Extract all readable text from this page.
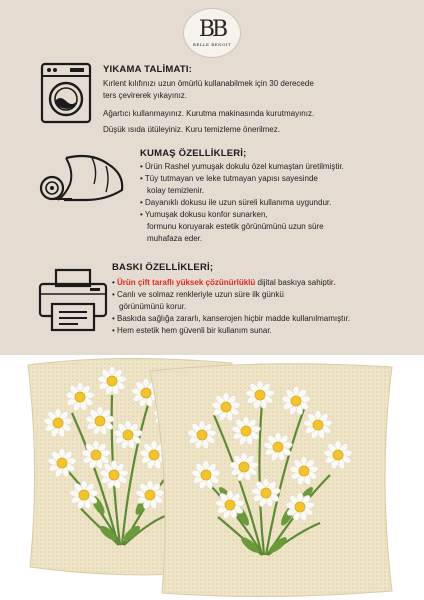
BB
BELLE BENOIT
YIKAMA TALİMATI:
Kırlent kılıfınızı uzun ömürlü kullanabilmek için 30 derecede
ters çevirerek yıkayınız.
Ağartıcı kullanmayınız. Kurutma makinasında kurutmayınız.
Düşük ısıda ütüleyiniz. Kuru temizleme önerilmez.
KUMAŞ ÖZELLİKLERİ;
• Ürün Rashel yumuşak dokulu özel kumaştan üretilmiştir.
• Tüy tutmayan ve leke tutmayan yapısı sayesinde
kolay temizlenir.
• Dayanıklı dokusu ile uzun süreli kullanıma uygundur.
• Yumuşak dokusu konfor sunarken,
formunu koruyarak estetik görünümünü uzun süre
muhafaza eder.
BASKI ÖZELLİKLERİ;
• Ürün çift taraflı yüksek çözünürlüklü dijital baskıya sahiptir.
• Canlı ve solmaz renkleriyle uzun süre ilk günkü
görünümünü korur.
• Baskıda sağlığa zararlı, kanserojen hiçbir madde kullanılmamıştır.
• Hem estetik hem güvenli bir kullanım sunar.
